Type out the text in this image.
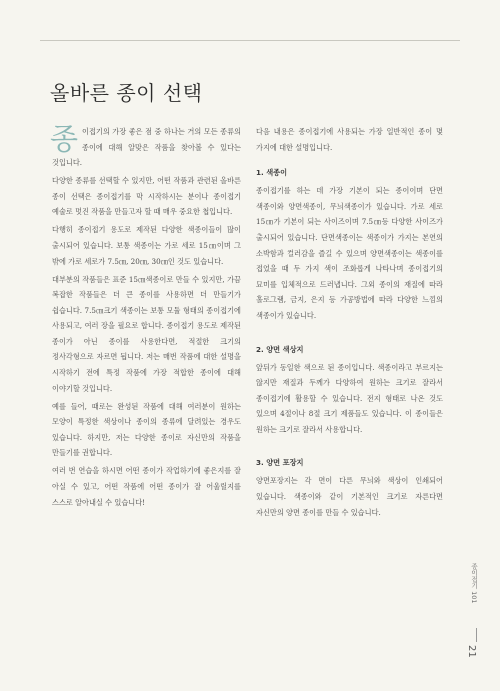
올바른 종이 선택

종이접기의 가장 좋은 점 중 하나는 거의 모든 종류의 종이에 대해 알맞은 작품을 찾아볼 수 있다는 것입니다.

다양한 종류를 선택할 수 있지만, 어떤 작품과 관련된 올바른 종이 선택은 종이접기를 막 시작하시는 분이나 종이접기 예술로 멋진 작품을 만들고자 할 때 매우 중요한 첩입니다.

다행히 종이접기 용도로 제작된 다양한 색종이들이 많이 출시되어 있습니다. 보통 색종이는 가로 세로 15㎝이며 그 밖에 가로 세로가 7.5㎝, 20㎝, 30㎝인 것도 있습니다.

대부분의 작품들은 표준 15㎝색종이로 만들 수 있지만, 가끔 복잡한 작품들은 더 큰 종이를 사용하면 더 만들기가 쉽습니다. 7.5㎝크기 색종이는 보통 모듈 형태의 종이접기에 사용되고, 여러 장을 필요로 합니다. 종이접기 용도로 제작된 종이가 아닌 종이를 사용한다면, 적절한 크기의 정사각형으로 자르면 됩니다. 저는 매번 작품에 대한 설명을 시작하기 전에 특정 작품에 가장 적합한 종이에 대해 이야기할 것입니다.

예를 들어, 때로는 완성된 작품에 대해 여러분이 원하는 모양이 특정한 색상이나 종이의 종류에 달려있는 경우도 있습니다. 하지만, 저는 다양한 종이로 자신만의 작품을 만들기를 권합니다.

여러 번 연습을 하시면 어떤 종이가 작업하기에 좋은지를 잘 아실 수 있고, 어떤 작품에 어떤 종이가 잘 어울릴지를 스스로 알아내실 수 있습니다!

다음 내용은 종이접기에 사용되는 가장 일반적인 종이 몇 가지에 대한 설명입니다.

1. 색종이

종이접기를 하는 데 가장 기본이 되는 종이이며 단면 색종이와 양면색종이, 무늬색종이가 있습니다. 가로 세로 15㎝가 기본이 되는 사이즈이며 7.5㎝등 다양한 사이즈가 출시되어 있습니다. 단면색종이는 색종이가 가지는 본연의 소박함과 컬러감을 즐길 수 있으며 양면색종이는 색종이를 접었을 때 두 가지 색이 조화롭게 나타나며 종이접기의 묘미를 입체적으로 드러냅니다. 그외 종이의 재질에 따라 홀로그램, 금지, 은지 등 가공방법에 따라 다양한 느낌의 색종이가 있습니다.

2. 양면 색상지

앞뒤가 동일한 색으로 된 종이입니다. 색종이라고 부르지는 않지만 재질과 두께가 다양하여 원하는 크기로 잘라서 종이접기에 활용할 수 있습니다. 전지 형태로 나온 것도 있으며 4절이나 8절 크기 제품들도 있습니다. 이 종이들은 원하는 크기로 잘라서 사용합니다.

3. 양면 포장지

양면포장지는 각 면이 다른 무늬와 색상이 인쇄되어 있습니다. 색종이와 같이 기본적인 크기로 자른다면 자신만의 양면 종이를 만들 수 있습니다.

종이접기 101
21
